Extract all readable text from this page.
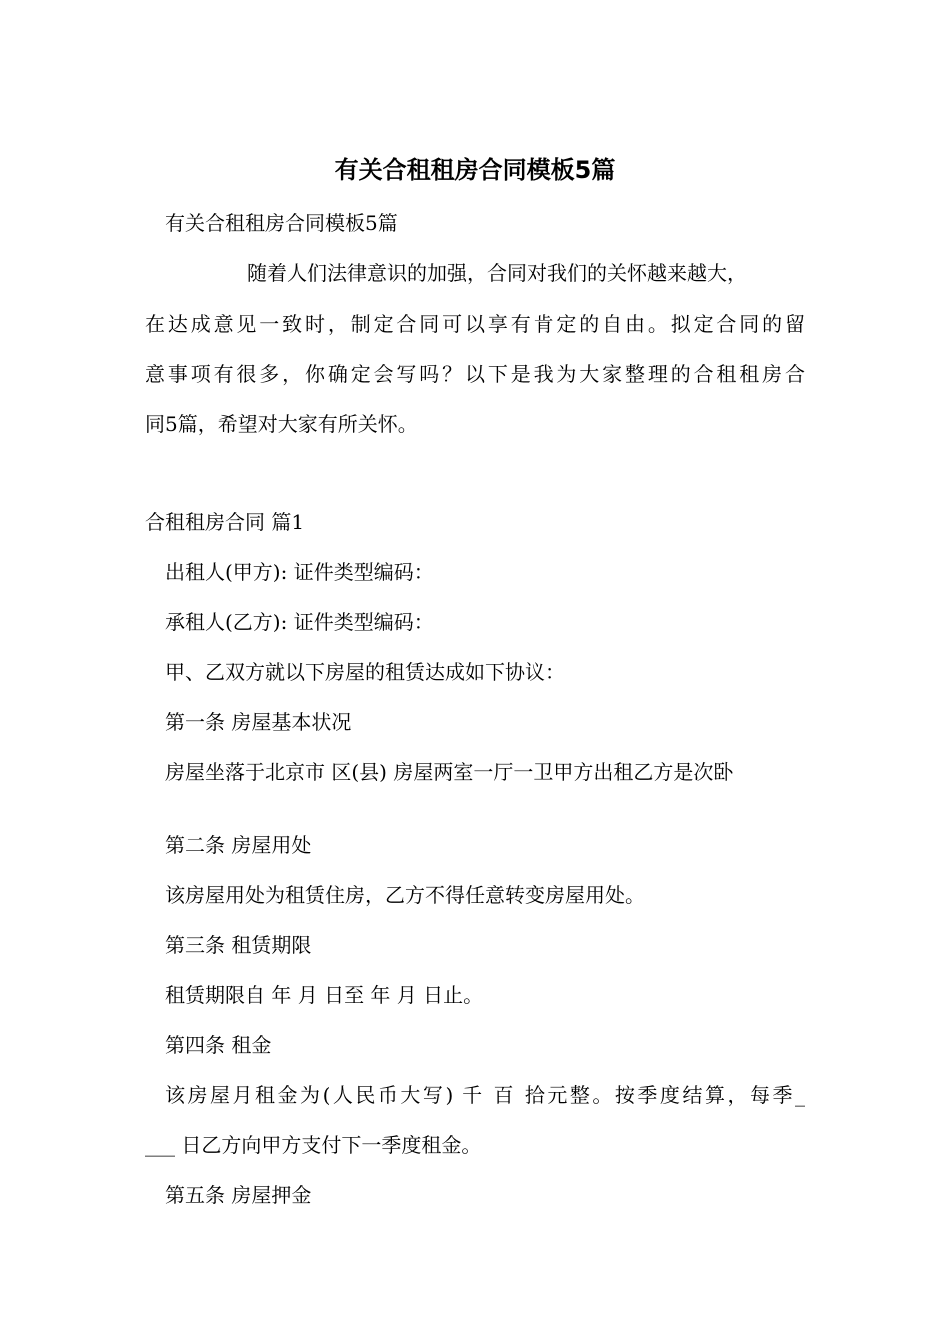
有关合租租房合同模板5篇
有关合租租房合同模板5篇
随着人们法律意识的加强，合同对我们的关怀越来越大，
在达成意见一致时，制定合同可以享有肯定的自由。拟定合同的留
意事项有很多，你确定会写吗？以下是我为大家整理的合租租房合
同5篇，希望对大家有所关怀。
合租租房合同 篇1
出租人(甲方): 证件类型编码：
承租人(乙方): 证件类型编码：
甲、乙双方就以下房屋的租赁达成如下协议：
第一条 房屋基本状况
房屋坐落于北京市 区(县) 房屋两室一厅一卫甲方出租乙方是次卧
第二条 房屋用处
该房屋用处为租赁住房，乙方不得任意转变房屋用处。
第三条 租赁期限
租赁期限自 年 月 日至 年 月 日止。
第四条 租金
该房屋月租金为(人民币大写) 千 百 拾元整。按季度结算，每季_
___ 日乙方向甲方支付下一季度租金。
第五条 房屋押金
